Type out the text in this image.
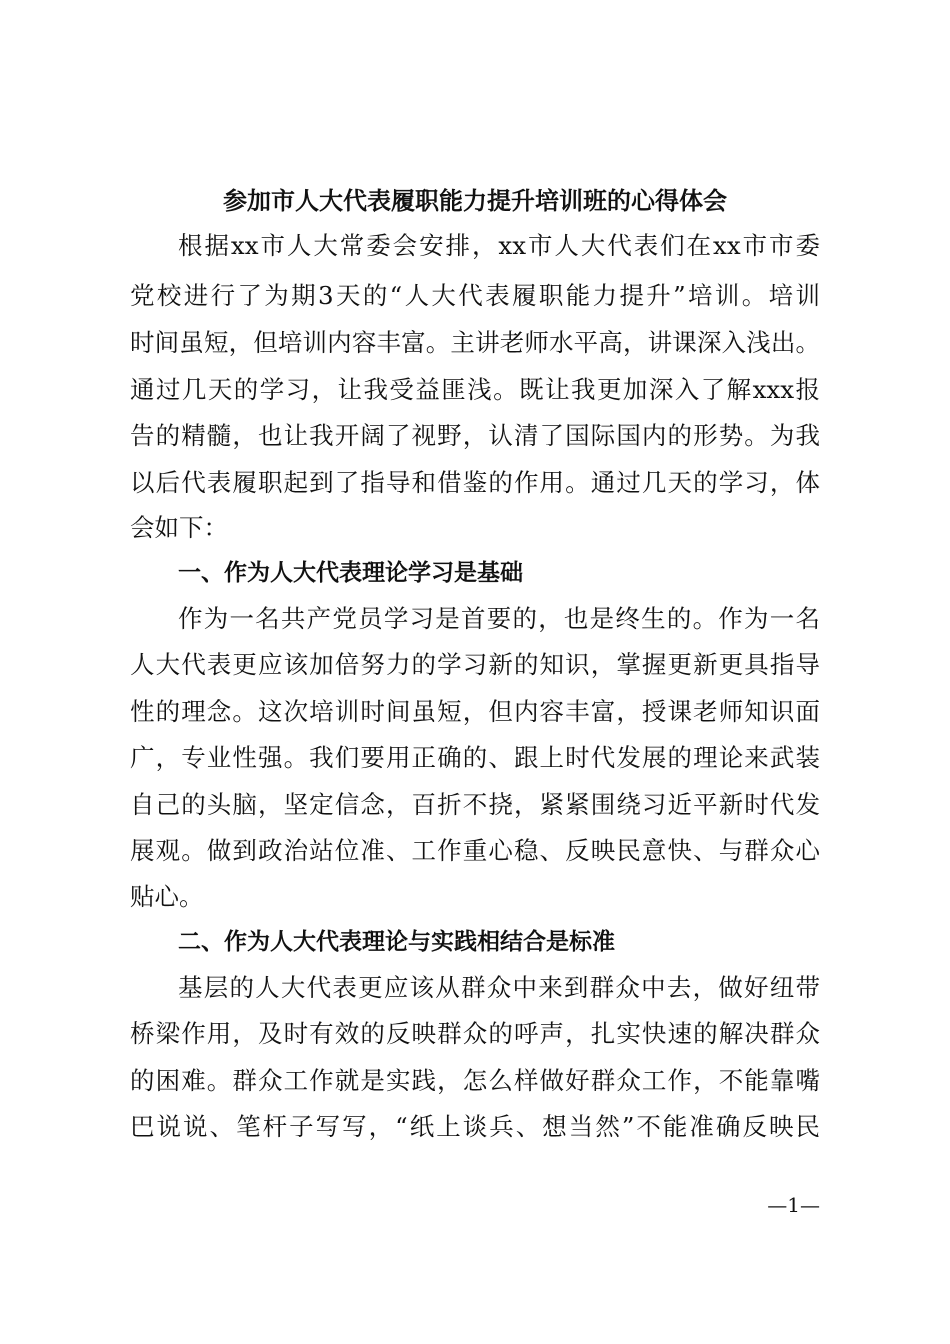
参加市人大代表履职能力提升培训班的心得体会
根据xx市人大常委会安排，xx市人大代表们在xx市市委
党校进行了为期3天的“人大代表履职能力提升”培训。培训
时间虽短，但培训内容丰富。主讲老师水平高，讲课深入浅出。
通过几天的学习，让我受益匪浅。既让我更加深入了解xxx报
告的精髓，也让我开阔了视野，认清了国际国内的形势。为我
以后代表履职起到了指导和借鉴的作用。通过几天的学习，体
会如下：
一、作为人大代表理论学习是基础
作为一名共产党员学习是首要的，也是终生的。作为一名
人大代表更应该加倍努力的学习新的知识，掌握更新更具指导
性的理念。这次培训时间虽短，但内容丰富，授课老师知识面
广，专业性强。我们要用正确的、跟上时代发展的理论来武装
自己的头脑，坚定信念，百折不挠，紧紧围绕习近平新时代发
展观。做到政治站位准、工作重心稳、反映民意快、与群众心
贴心。
二、作为人大代表理论与实践相结合是标准
基层的人大代表更应该从群众中来到群众中去，做好纽带
桥梁作用，及时有效的反映群众的呼声，扎实快速的解决群众
的困难。群众工作就是实践，怎么样做好群众工作，不能靠嘴
巴说说、笔杆子写写，“纸上谈兵、想当然”不能准确反映民
—1—
